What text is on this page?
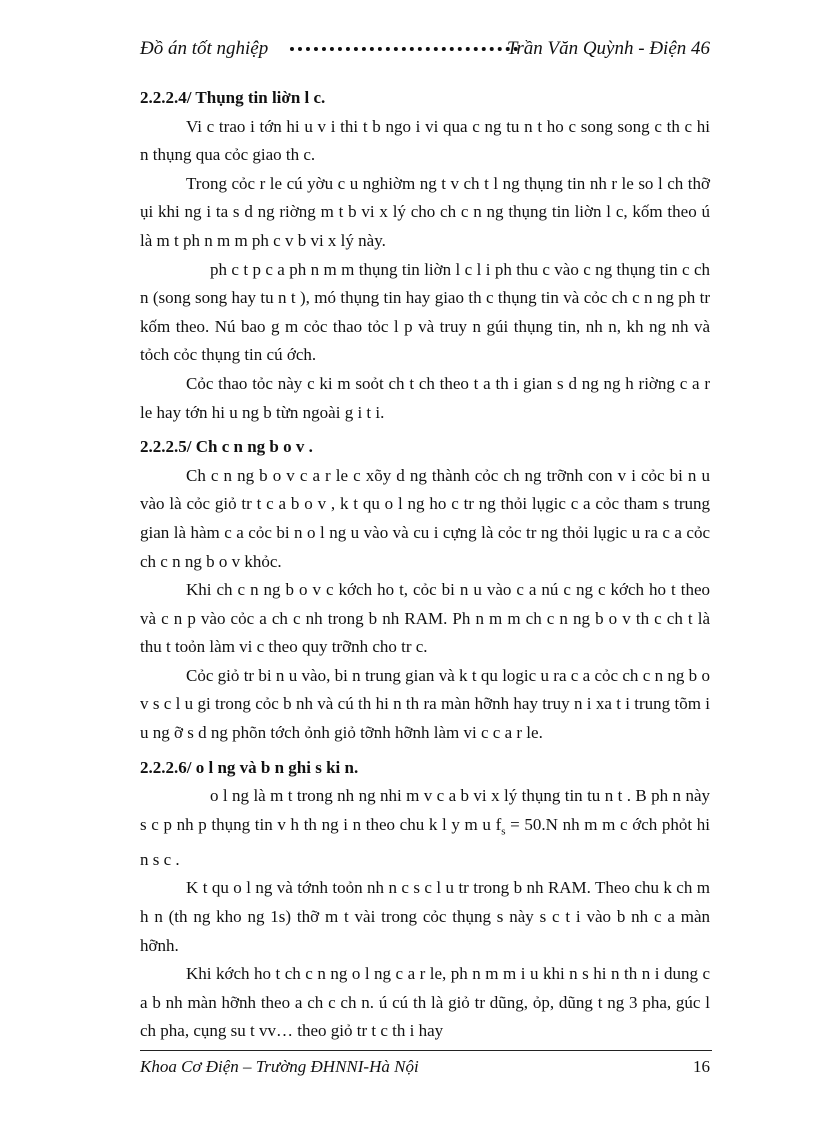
Đồ án tốt nghiệp	Trần Văn Quỳnh - Điện 46
2.2.2.4/ Thụng tin liờn l c.

Vi c trao i tớn hi u v i thi t b ngo i vi qua c ng tu n t ho c song song c th c hi n thụng qua cỏc giao th c.

Trong cỏc r le cú yờu c u nghiờm ng t v ch t l ng thụng tin nh r le so l ch thỡ ụi khi ng i ta s d ng riờng m t b vi x lý cho ch c n ng thụng tin liờn l c, kốm theo ú là m t ph n m m ph c v b vi x lý này.

ph c t p c a ph n m m thụng tin liờn l c l i ph thu c vào c ng thụng tin c ch n (song song hay tu n t ), mó thụng tin hay giao th c thụng tin và cỏc ch c n ng ph tr kốm theo. Nú bao g m cỏc thao tỏc l p và truy n gúi thụng tin, nh n, kh ng nh và tỏch cỏc thụng tin cú ớch.

Cỏc thao tỏc này c ki m soỏt ch t ch theo t a th i gian s d ng ng h riờng c a r le hay tớn hi u ng b từn ngoài g i t i.

2.2.2.5/ Ch c n ng b o v .

Ch c n ng b o v c a r le c xõy d ng thành cỏc ch ng trỡnh con v i cỏc bi n u vào là cỏc giỏ tr t c a b o v , k t qu o l ng ho c tr ng thỏi lụgic c a cỏc tham s trung gian là hàm c a cỏc bi n o l ng u vào và cu i cựng là cỏc tr ng thỏi lụgic u ra c a cỏc ch c n ng b o v khỏc.

Khi ch c n ng b o v c kớch ho t, cỏc bi n u vào c a nú c ng c kớch ho t theo và c n p vào cỏc a ch c nh trong b nh RAM. Ph n m m ch c n ng b o v th c ch t là thu t toỏn làm vi c theo quy trỡnh cho tr c.

Cỏc giỏ tr bi n u vào, bi n trung gian và k t qu logic u ra c a cỏc ch c n ng b o v s c l u gi trong cỏc b nh và cú th hi n th ra màn hỡnh hay truy n i xa t i trung tõm i u ng ỡ s d ng phõn tớch ỏnh giỏ tỡnh hỡnh làm vi c c a r le.

2.2.2.6/ o l ng và b n ghi s ki n.

o l ng là m t trong nh ng nhi m v c a b vi x lý thụng tin tu n t . B ph n này s c p nh p thụng tin v h th ng i n theo chu k l y m u $f_s = 50.N$ nh m m c ớch phỏt hi n s c .

K t qu o l ng và tớnh toỏn nh n c s c l u tr trong b nh RAM. Theo chu k ch m h n (th ng kho ng 1s) thỡ m t vài trong cỏc thụng s này s c t i vào b nh c a màn hỡnh.

Khi kớch ho t ch c n ng o l ng c a r le, ph n m m i u khi n s hi n th n i dung c a b nh màn hỡnh theo a ch c ch n. ú cú th là giỏ tr dũng, ỏp, dũng t ng 3 pha, gúc l ch pha, cụng su t vv… theo giỏ tr t c th i hay

Khoa Cơ Điện – Trường ĐHNNI-Hà Nội	16
